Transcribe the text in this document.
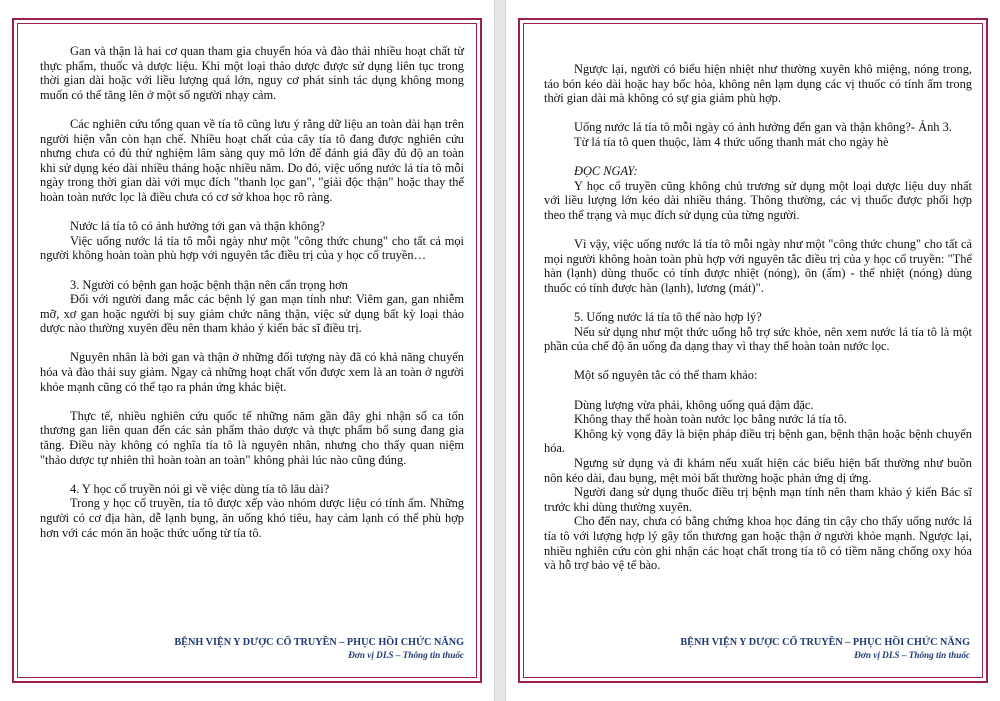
Gan và thận là hai cơ quan tham gia chuyển hóa và đào thải nhiều hoạt chất từ thực phẩm, thuốc và dược liệu. Khi một loại thảo dược được sử dụng liên tục trong thời gian dài hoặc với liều lượng quá lớn, nguy cơ phát sinh tác dụng không mong muốn có thể tăng lên ở một số người nhạy cảm.

Các nghiên cứu tổng quan về tía tô cũng lưu ý rằng dữ liệu an toàn dài hạn trên người hiện vẫn còn hạn chế. Nhiều hoạt chất của cây tía tô đang được nghiên cứu nhưng chưa có đủ thử nghiệm lâm sàng quy mô lớn để đánh giá đầy đủ độ an toàn khi sử dụng kéo dài nhiều tháng hoặc nhiều năm. Do đó, việc uống nước lá tía tô mỗi ngày trong thời gian dài với mục đích "thanh lọc gan", "giải độc thận" hoặc thay thế hoàn toàn nước lọc là điều chưa có cơ sở khoa học rõ ràng.

Nước lá tía tô có ảnh hưởng tới gan và thận không?

Việc uống nước lá tía tô mỗi ngày như một "công thức chung" cho tất cả mọi người không hoàn toàn phù hợp với nguyên tắc điều trị của y học cổ truyền…

3. Người có bệnh gan hoặc bệnh thận nên cẩn trọng hơn

Đối với người đang mắc các bệnh lý gan mạn tính như: Viêm gan, gan nhiễm mỡ, xơ gan hoặc người bị suy giảm chức năng thận, việc sử dụng bất kỳ loại thảo dược nào thường xuyên đều nên tham khảo ý kiến bác sĩ điều trị.

Nguyên nhân là bởi gan và thận ở những đối tượng này đã có khả năng chuyển hóa và đào thải suy giảm. Ngay cả những hoạt chất vốn được xem là an toàn ở người khỏe mạnh cũng có thể tạo ra phản ứng khác biệt.

Thực tế, nhiều nghiên cứu quốc tế những năm gần đây ghi nhận số ca tổn thương gan liên quan đến các sản phẩm thảo dược và thực phẩm bổ sung đang gia tăng. Điều này không có nghĩa tía tô là nguyên nhân, nhưng cho thấy quan niệm "thảo dược tự nhiên thì hoàn toàn an toàn" không phải lúc nào cũng đúng.

4. Y học cổ truyền nói gì về việc dùng tía tô lâu dài?

Trong y học cổ truyền, tía tô được xếp vào nhóm dược liệu có tính ấm. Những người có cơ địa hàn, dễ lạnh bụng, ăn uống khó tiêu, hay cảm lạnh có thể phù hợp hơn với các món ăn hoặc thức uống từ tía tô.

BỆNH VIỆN Y DƯỢC CỔ TRUYỀN – PHỤC HỒI CHỨC NĂNG
Đơn vị DLS – Thông tin thuốc

Ngược lại, người có biểu hiện nhiệt như thường xuyên khô miệng, nóng trong, táo bón kéo dài hoặc hay bốc hỏa, không nên lạm dụng các vị thuốc có tính ấm trong thời gian dài mà không có sự gia giảm phù hợp.

Uống nước lá tía tô mỗi ngày có ảnh hưởng đến gan và thận không?- Ảnh 3.

Từ lá tía tô quen thuộc, làm 4 thức uống thanh mát cho ngày hè

ĐỌC NGAY:

Y học cổ truyền cũng không chủ trương sử dụng một loại dược liệu duy nhất với liều lượng lớn kéo dài nhiều tháng. Thông thường, các vị thuốc được phối hợp theo thể trạng và mục đích sử dụng của từng người.

Vì vậy, việc uống nước lá tía tô mỗi ngày như một "công thức chung" cho tất cả mọi người không hoàn toàn phù hợp với nguyên tắc điều trị của y học cổ truyền: "Thể hàn (lạnh) dùng thuốc có tính được nhiệt (nóng), ôn (ấm) - thể nhiệt (nóng) dùng thuốc có tính được hàn (lạnh), lương (mát)".

5. Uống nước lá tía tô thế nào hợp lý?

Nếu sử dụng như một thức uống hỗ trợ sức khỏe, nên xem nước lá tía tô là một phần của chế độ ăn uống đa dạng thay vì thay thế hoàn toàn nước lọc.

Một số nguyên tắc có thể tham khảo:

Dùng lượng vừa phải, không uống quá đậm đặc.

Không thay thế hoàn toàn nước lọc bằng nước lá tía tô.

Không kỳ vọng đây là biện pháp điều trị bệnh gan, bệnh thận hoặc bệnh chuyển hóa.

Ngưng sử dụng và đi khám nếu xuất hiện các biểu hiện bất thường như buồn nôn kéo dài, đau bụng, mệt mỏi bất thường hoặc phản ứng dị ứng.

Người đang sử dụng thuốc điều trị bệnh mạn tính nên tham khảo ý kiến Bác sĩ trước khi dùng thường xuyên.

Cho đến nay, chưa có bằng chứng khoa học đáng tin cậy cho thấy uống nước lá tía tô với lượng hợp lý gây tổn thương gan hoặc thận ở người khỏe mạnh. Ngược lại, nhiều nghiên cứu còn ghi nhận các hoạt chất trong tía tô có tiềm năng chống oxy hóa và hỗ trợ bảo vệ tế bào.

BỆNH VIỆN Y DƯỢC CỔ TRUYỀN – PHỤC HỒI CHỨC NĂNG
Đơn vị DLS – Thông tin thuốc
